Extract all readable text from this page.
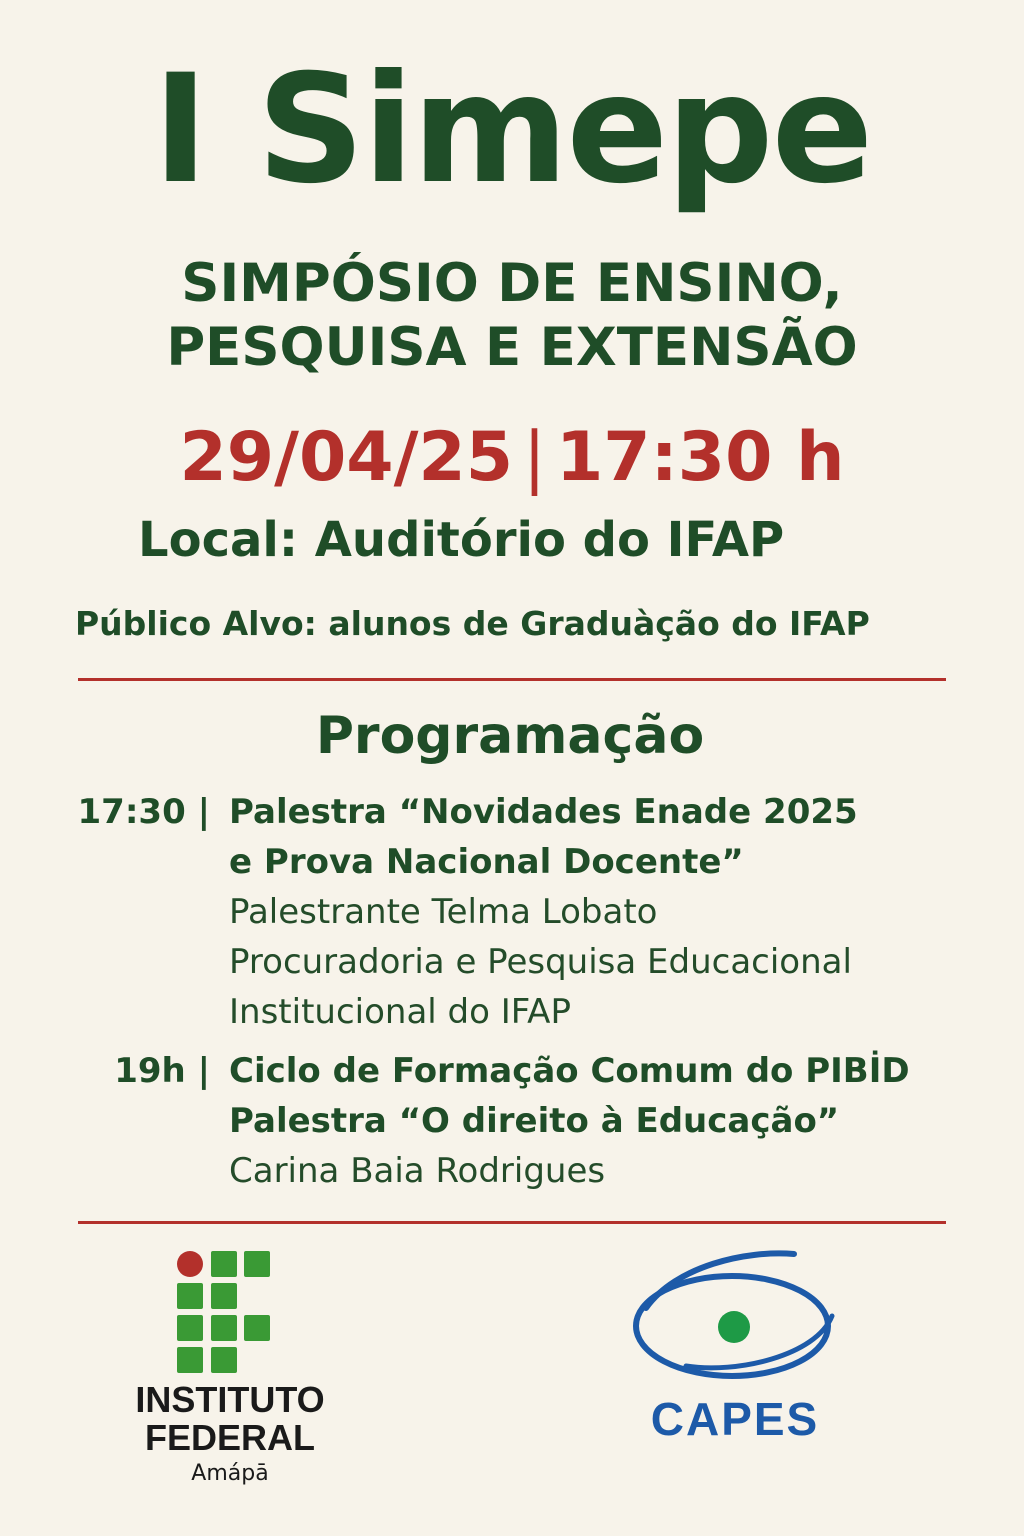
I Simepe
SIMPÓSIO DE ENSINO,
PESQUISA E EXTENSÃO
29/04/25 | 17:30 h
Local: Auditório do IFAP
Público Alvo: alunos de Graduàção do IFAP
Programação
17:30 | Palestra “Novidades Enade 2025
e Prova Nacional Docente”
Palestrante Telma Lobato
Procuradoria e Pesquisa Educacional
Institucional do IFAP
19h | Ciclo de Formação Comum do PIBİD
Palestra “O direito à Educação”
Carina Baia Rodrigues
INSTITUTO
FEDERAL
Amápā
CAPES
